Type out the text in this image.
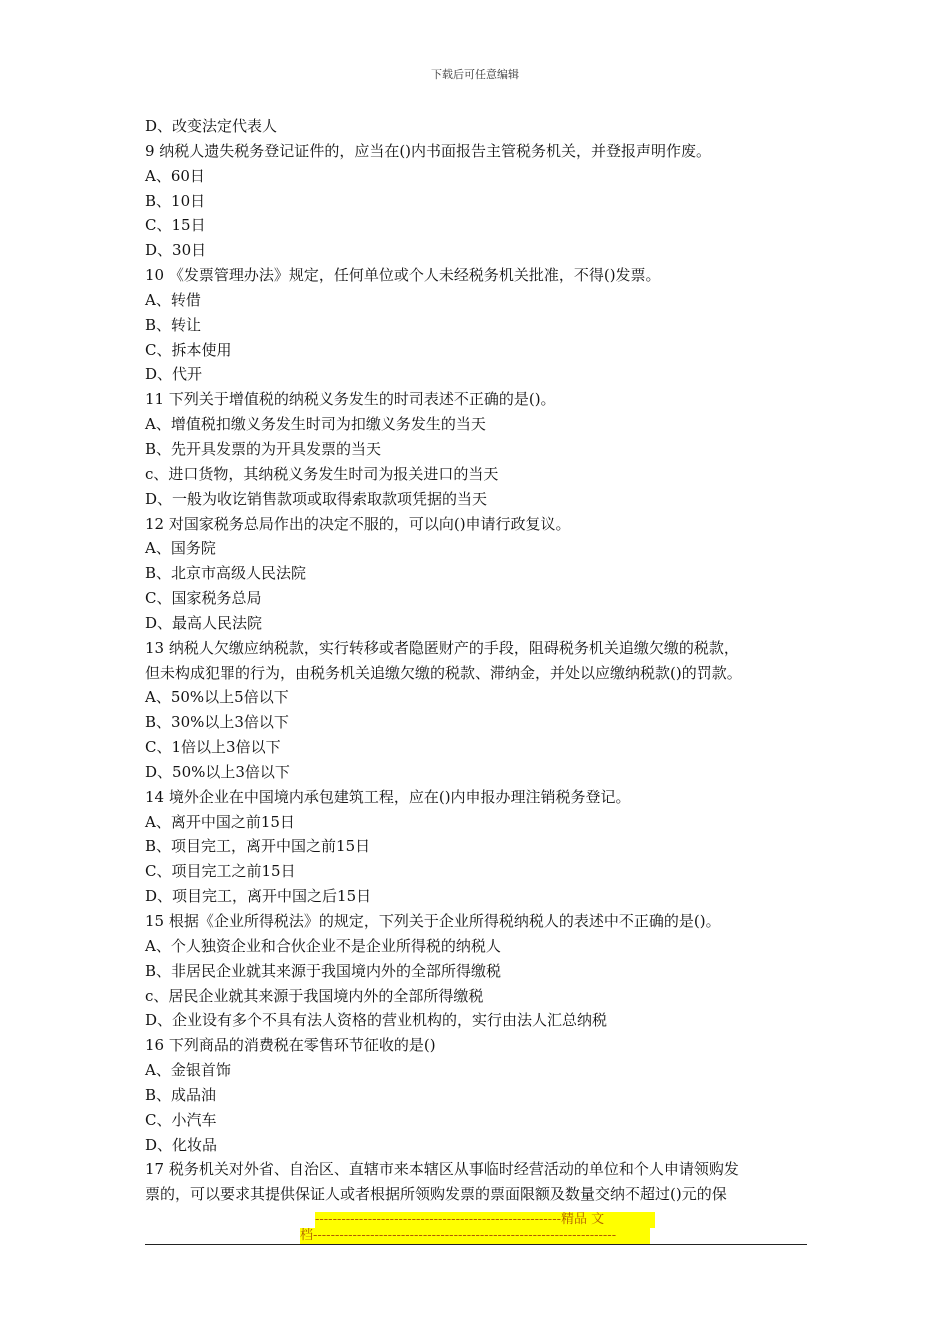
下载后可任意编辑
D、改变法定代表人
9 纳税人遗失税务登记证件的，应当在()内书面报告主管税务机关，并登报声明作废。
A、60日
B、10日
C、15日
D、30日
10 《发票管理办法》规定，任何单位或个人未经税务机关批准，不得()发票。
A、转借
B、转让
C、拆本使用
D、代开
11 下列关于增值税的纳税义务发生的时司表述不正确的是()。
A、增值税扣缴义务发生时司为扣缴义务发生的当天
B、先开具发票的为开具发票的当天
c、进口货物，其纳税义务发生时司为报关进口的当天
D、一般为收讫销售款项或取得索取款项凭据的当天
12 对国家税务总局作出的决定不服的，可以向()申请行政复议。
A、国务院
B、北京市高级人民法院
C、国家税务总局
D、最高人民法院
13 纳税人欠缴应纳税款，实行转移或者隐匿财产的手段，阻碍税务机关追缴欠缴的税款，
但未构成犯罪的行为，由税务机关追缴欠缴的税款、滞纳金，并处以应缴纳税款()的罚款。
A、50%以上5倍以下
B、30%以上3倍以下
C、1倍以上3倍以下
D、50%以上3倍以下
14 境外企业在中国境内承包建筑工程，应在()内申报办理注销税务登记。
A、离开中国之前15日
B、项目完工，离开中国之前15日
C、项目完工之前15日
D、项目完工，离开中国之后15日
15 根据《企业所得税法》的规定，下列关于企业所得税纳税人的表述中不正确的是()。
A、个人独资企业和合伙企业不是企业所得税的纳税人
B、非居民企业就其来源于我国境内外的全部所得缴税
c、居民企业就其来源于我国境内外的全部所得缴税
D、企业设有多个不具有法人资格的营业机构的，实行由法人汇总纳税
16 下列商品的消费税在零售环节征收的是()
A、金银首饰
B、成品油
C、小汽车
D、化妆品
17 税务机关对外省、自治区、直辖市来本辖区从事临时经营活动的单位和个人申请领购发
票的，可以要求其提供保证人或者根据所领购发票的票面限额及数量交纳不超过()元的保
--------------------------------------------------------精品 文
档---------------------------------------------------------------------
